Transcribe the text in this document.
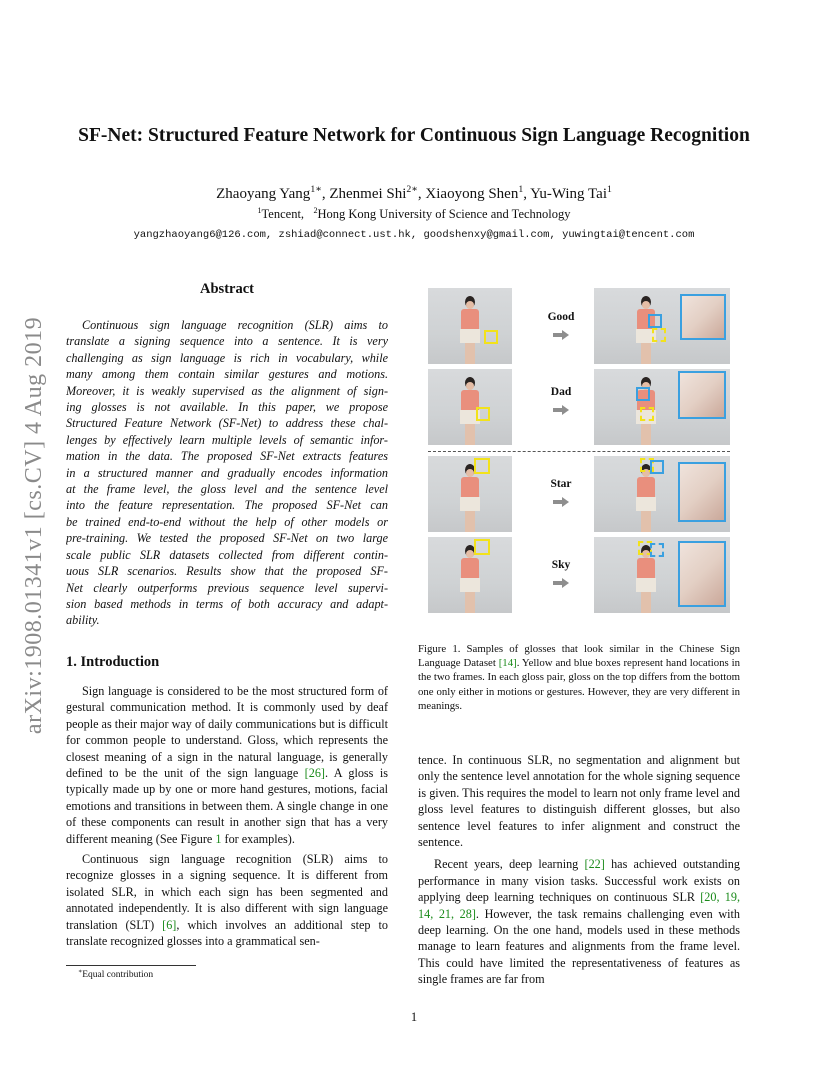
arXiv:1908.01341v1 [cs.CV] 4 Aug 2019
SF-Net: Structured Feature Network for Continuous Sign Language Recognition
Zhaoyang Yang$^{1∗}$, Zhenmei Shi$^{2∗}$, Xiaoyong Shen$^1$, Yu-Wing Tai$^1$
$^1$Tencent, $^2$Hong Kong University of Science and Technology
yangzhaoyang6@126.com, zshiad@connect.ust.hk, goodshenxy@gmail.com, yuwingtai@tencent.com
Abstract
Continuous sign language recognition (SLR) aims to
translate a signing sequence into a sentence. It is very
challenging as sign language is rich in vocabulary, while
many among them contain similar gestures and motions.
Moreover, it is weakly supervised as the alignment of sign-
ing glosses is not available. In this paper, we propose
Structured Feature Network (SF-Net) to address these chal-
lenges by effectively learn multiple levels of semantic infor-
mation in the data. The proposed SF-Net extracts features
in a structured manner and gradually encodes information
at the frame level, the gloss level and the sentence level
into the feature representation. The proposed SF-Net can
be trained end-to-end without the help of other models or
pre-training. We tested the proposed SF-Net on two large
scale public SLR datasets collected from different contin-
uous SLR scenarios. Results show that the proposed SF-
Net clearly outperforms previous sequence level supervi-
sion based methods in terms of both accuracy and adapt-
ability.
1. Introduction

Sign language is considered to be the most structured form of gestural communication method. It is commonly used by deaf people as their major way of daily communications but is difficult for common people to understand. Gloss, which represents the closest meaning of a sign in the natural language, is generally defined to be the unit of the sign language [26]. A gloss is typically made up by one or more hand gestures, motions, facial emotions and transitions in between them. A single change in one of these components can result in another sign that has a very different meaning (See Figure 1 for examples).

Continuous sign language recognition (SLR) aims to recognize glosses in a signing sequence. It is different from isolated SLR, in which each sign has been segmented and annotated independently. It is also different with sign language translation (SLT) [6], which involves an additional step to translate recognized glosses into a grammatical sen-

∗Equal contribution
Good
Dad
Star
Sky

Figure 1. Samples of glosses that look similar in the Chinese Sign Language Dataset [14]. Yellow and blue boxes represent hand locations in the two frames. In each gloss pair, gloss on the top differs from the bottom one only either in motions or gestures. However, they are very different in meanings.

tence. In continuous SLR, no segmentation and alignment but only the sentence level annotation for the whole signing sequence is given. This requires the model to learn not only frame level and gloss level features to distinguish different glosses, but also sentence level features to infer alignment and construct the sentence.

Recent years, deep learning [22] has achieved outstanding performance in many vision tasks. Successful work exists on applying deep learning techniques on continuous SLR [20, 19, 14, 21, 28]. However, the task remains challenging even with deep learning. On the one hand, models used in these methods manage to learn features and alignments from the frame level. This could have limited the representativeness of features as single frames are far from

1
